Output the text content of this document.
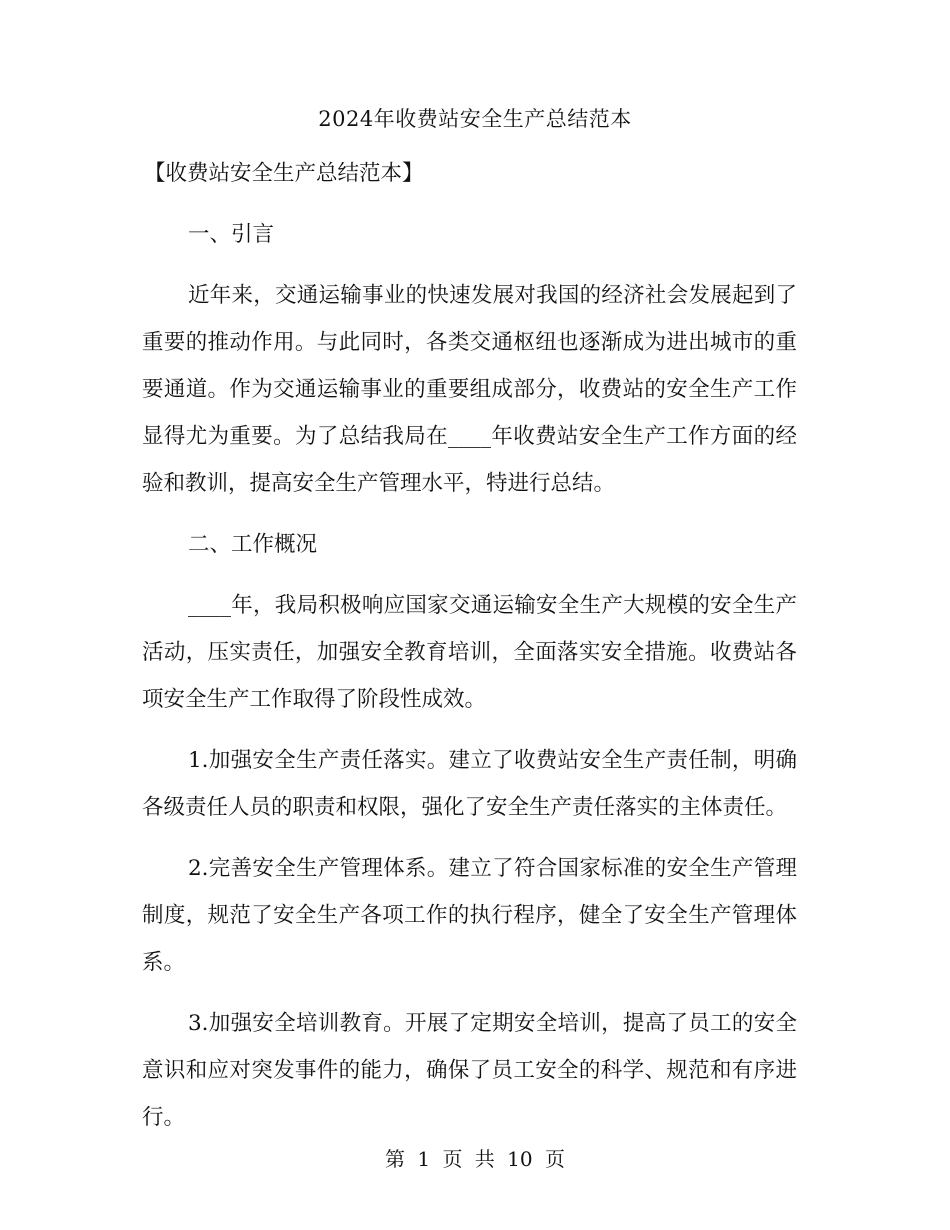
2024年收费站安全生产总结范本

【收费站安全生产总结范本】

一、引言

近年来，交通运输事业的快速发展对我国的经济社会发展起到了重要的推动作用。与此同时，各类交通枢纽也逐渐成为进出城市的重要通道。作为交通运输事业的重要组成部分，收费站的安全生产工作显得尤为重要。为了总结我局在____年收费站安全生产工作方面的经验和教训，提高安全生产管理水平，特进行总结。

二、工作概况

____年，我局积极响应国家交通运输安全生产大规模的安全生产活动，压实责任，加强安全教育培训，全面落实安全措施。收费站各项安全生产工作取得了阶段性成效。

1.加强安全生产责任落实。建立了收费站安全生产责任制，明确各级责任人员的职责和权限，强化了安全生产责任落实的主体责任。

2.完善安全生产管理体系。建立了符合国家标准的安全生产管理制度，规范了安全生产各项工作的执行程序，健全了安全生产管理体系。

3.加强安全培训教育。开展了定期安全培训，提高了员工的安全意识和应对突发事件的能力，确保了员工安全的科学、规范和有序进行。

第 1 页 共 10 页
